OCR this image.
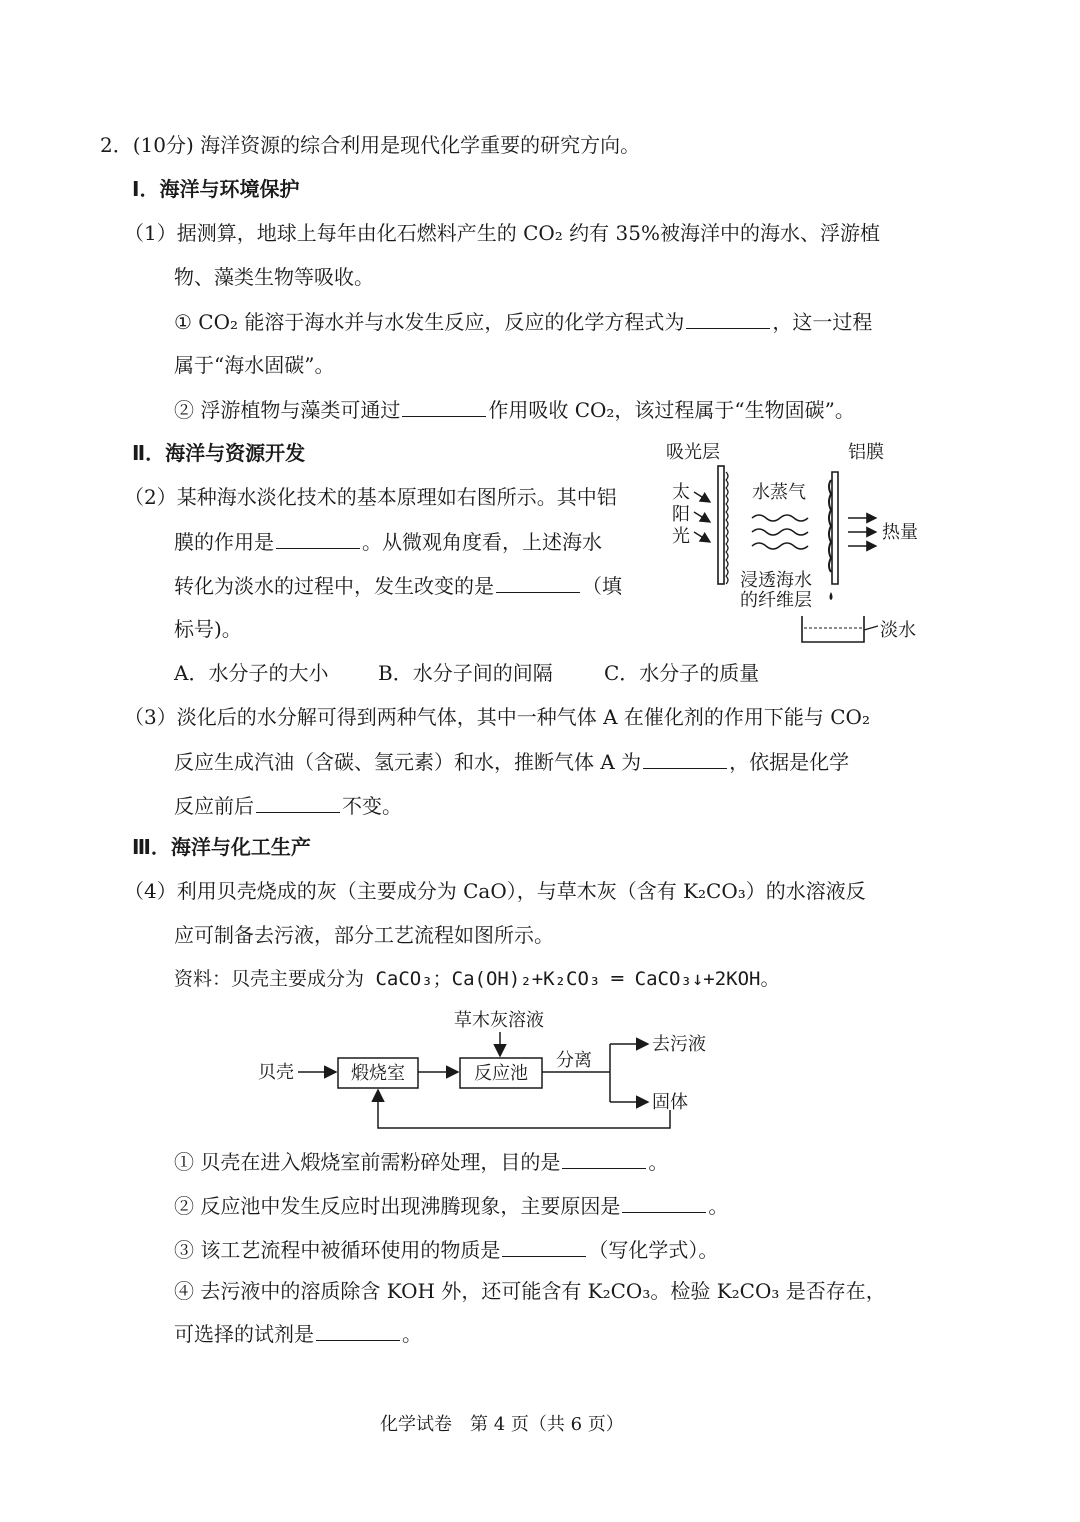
2．(10分) 海洋资源的综合利用是现代化学重要的研究方向。
Ⅰ．海洋与环境保护
（1）据测算，地球上每年由化石燃料产生的 CO₂ 约有 35%被海洋中的海水、浮游植
物、藻类生物等吸收。
① CO₂ 能溶于海水并与水发生反应，反应的化学方程式为	，这一过程
属于“海水固碳”。
② 浮游植物与藻类可通过	作用吸收 CO₂，该过程属于“生物固碳”。
Ⅱ．海洋与资源开发
（2）某种海水淡化技术的基本原理如右图所示。其中铝
膜的作用是	。从微观角度看，上述海水
转化为淡水的过程中，发生改变的是	（填
标号)。
A．水分子的大小 B．水分子间的间隔	C．水分子的质量
吸光层	铝膜
太
阳
光
水蒸气
热量
浸透海水
的纤维层
淡水
（3）淡化后的水分解可得到两种气体，其中一种气体 A 在催化剂的作用下能与 CO₂
反应生成汽油（含碳、氢元素）和水，推断气体 A 为	，依据是化学
反应前后	不变。
Ⅲ．海洋与化工生产
（4）利用贝壳烧成的灰（主要成分为 CaO），与草木灰（含有 K₂CO₃）的水溶液反
应可制备去污液，部分工艺流程如图所示。
资料：贝壳主要成分为 CaCO₃；Ca(OH)₂+K₂CO₃ ═ CaCO₃↓+2KOH。
贝壳	煅烧室
草木灰溶液
反应池
分离
去污液
固体
① 贝壳在进入煅烧室前需粉碎处理，目的是	。
② 反应池中发生反应时出现沸腾现象，主要原因是	。
③ 该工艺流程中被循环使用的物质是	（写化学式）。
④ 去污液中的溶质除含 KOH 外，还可能含有 K₂CO₃。检验 K₂CO₃ 是否存在，
可选择的试剂是	。
化学试卷　第 4 页（共 6 页）
